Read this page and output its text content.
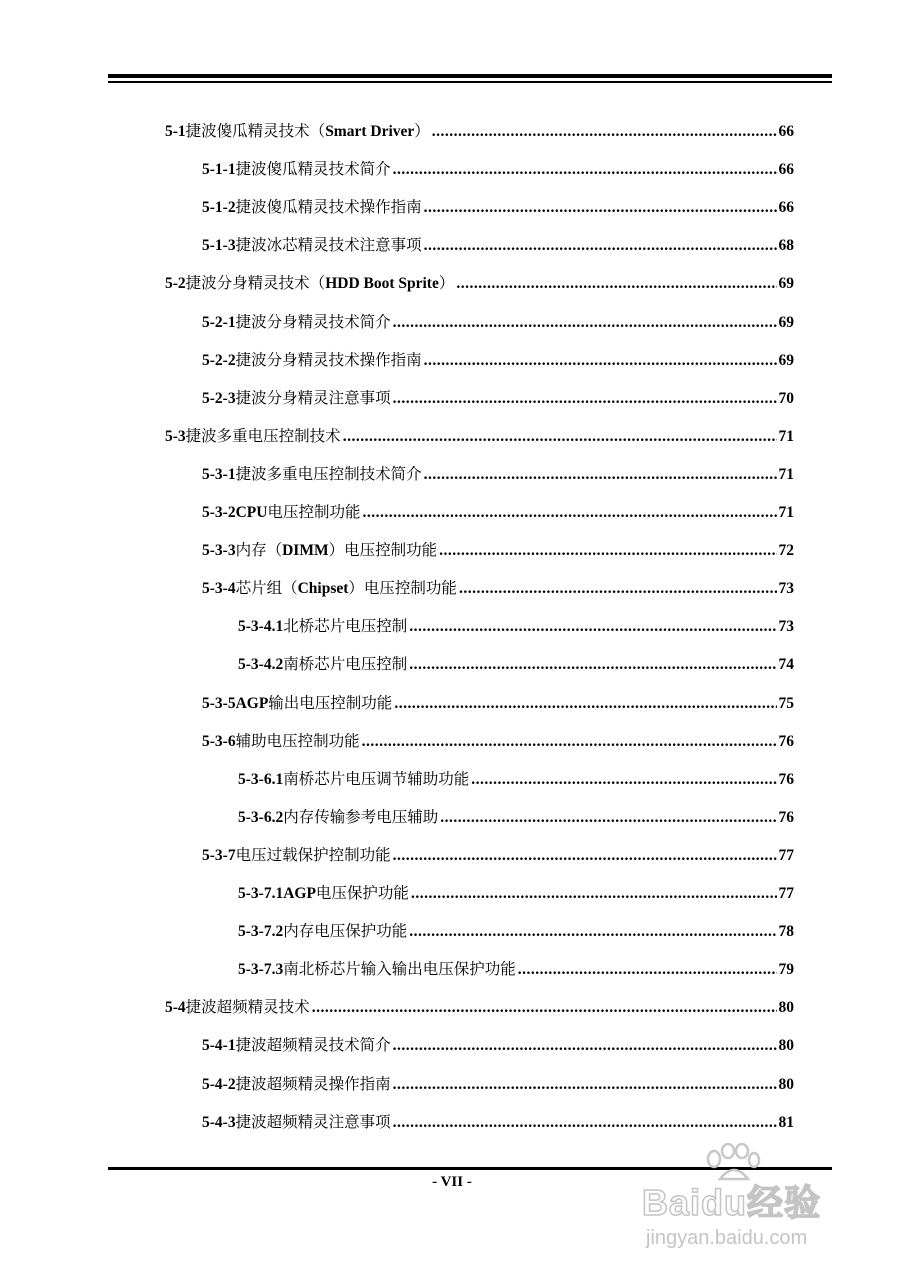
5-1 捷波傻瓜精灵技术（Smart Driver） .....	66
5-1-1 捷波傻瓜精灵技术简介 .....	66
5-1-2 捷波傻瓜精灵技术操作指南 .....	66
5-1-3 捷波冰芯精灵技术注意事项 .....	68
5-2 捷波分身精灵技术（HDD Boot Sprite） .....	69
5-2-1 捷波分身精灵技术简介 .....	69
5-2-2 捷波分身精灵技术操作指南 .....	69
5-2-3 捷波分身精灵注意事项 .....	70
5-3 捷波多重电压控制技术 .....	71
5-3-1 捷波多重电压控制技术简介 .....	71
5-3-2 CPU电压控制功能 .....	71
5-3-3 内存（DIMM）电压控制功能 .....	72
5-3-4 芯片组（Chipset）电压控制功能 .....	73
5-3-4.1 北桥芯片电压控制 .....	73
5-3-4.2 南桥芯片电压控制 .....	74
5-3-5 AGP输出电压控制功能 .....	75
5-3-6 辅助电压控制功能 .....	76
5-3-6.1 南桥芯片电压调节辅助功能 .....	76
5-3-6.2 内存传输参考电压辅助 .....	76
5-3-7 电压过载保护控制功能 .....	77
5-3-7.1 AGP电压保护功能 .....	77
5-3-7.2 内存电压保护功能 .....	78
5-3-7.3 南北桥芯片输入输出电压保护功能 .....	79
5-4 捷波超频精灵技术 .....	80
5-4-1 捷波超频精灵技术简介 .....	80
5-4-2 捷波超频精灵操作指南 .....	80
5-4-3 捷波超频精灵注意事项 .....	81
- VII -	Baidu经验
jingyan.baidu.com
